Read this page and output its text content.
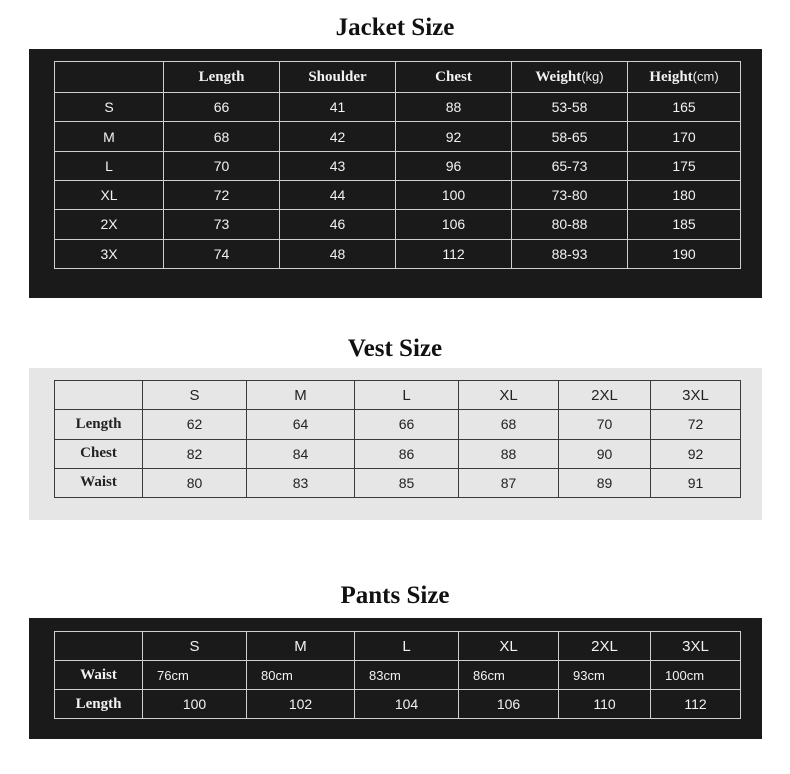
Jacket Size
	Length	Shoulder	Chest	Weight(kg)	Height(cm)
S	66	41	88	53-58	165
M	68	42	92	58-65	170
L	70	43	96	65-73	175
XL	72	44	100	73-80	180
2X	73	46	106	80-88	185
3X	74	48	112	88-93	190
Vest Size
	S	M	L	XL	2XL	3XL
Length	62	64	66	68	70	72
Chest	82	84	86	88	90	92
Waist	80	83	85	87	89	91
Pants Size
	S	M	L	XL	2XL	3XL
Waist	76cm	80cm	83cm	86cm	93cm	100cm
Length	100	102	104	106	110	112
